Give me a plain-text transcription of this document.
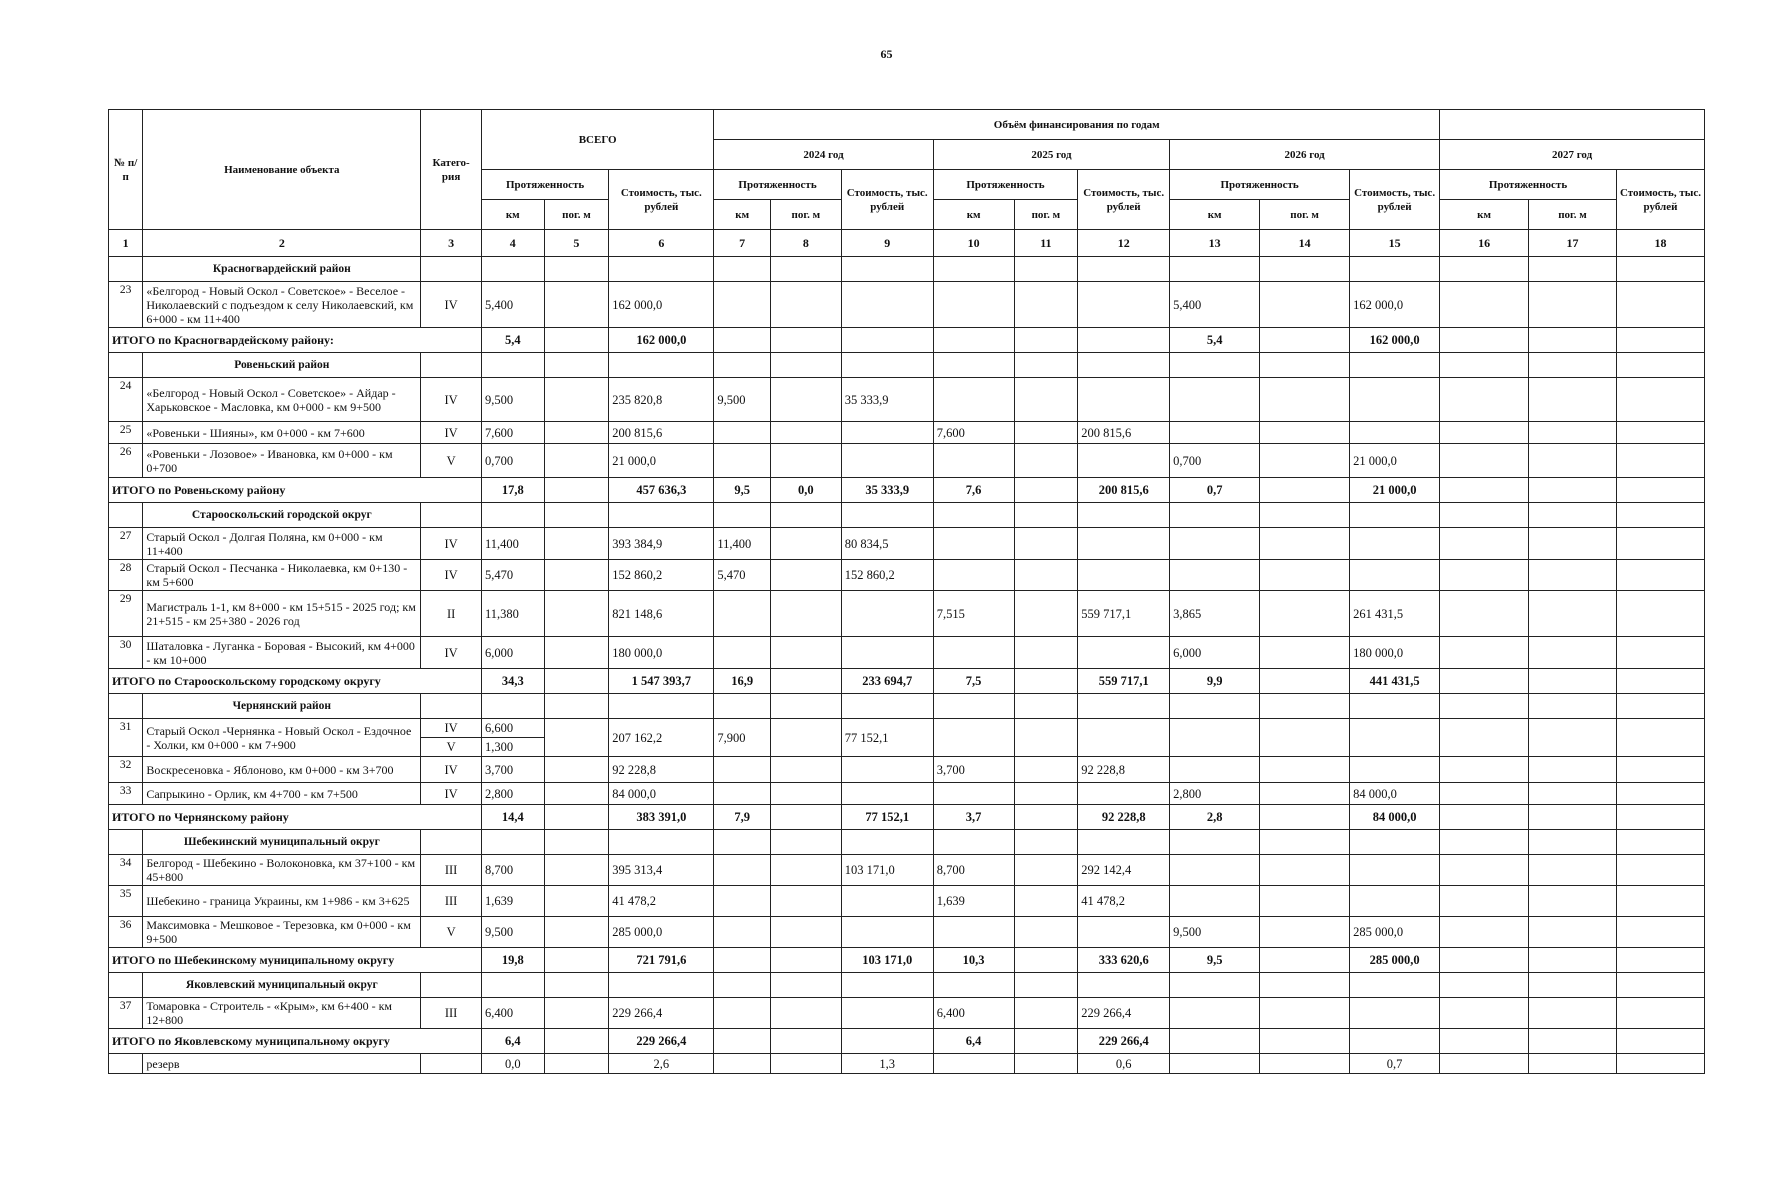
65
№ п/п	Наименование объекта	Катего-рия	ВСЕГО			Объём финансирования по годам											
						2024 год			2025 год			2026 год			2027 год		
			Протяженность		Стоимость, тыс. рублей	Протяженность		Стоимость, тыс. рублей	Протяженность		Стоимость, тыс. рублей	Протяженность		Стоимость, тыс. рублей	Протяженность		Стоимость, тыс. рублей
			км	пог. м		км	пог. м		км	пог. м		км	пог. м		км	пог. м	
1	2	3	4	5	6	7	8	9	10	11	12	13	14	15	16	17	18
	Красногвардейский район																
23	«Белгород - Новый Оскол - Советское» - Веселое - Николаевский с подъездом к селу Николаевский, км 6+000 - км 11+400	IV	5,400		162 000,0							5,400		162 000,0			
ИТОГО по Красногвардейскому району:			5,4		162 000,0							5,4		162 000,0			
	Ровеньский район																
24	«Белгород - Новый Оскол - Советское» - Айдар - Харьковское - Масловка, км 0+000 - км 9+500	IV	9,500		235 820,8	9,500		35 333,9									
25	«Ровеньки - Шияны», км 0+000 - км 7+600	IV	7,600		200 815,6				7,600		200 815,6						
26	«Ровеньки - Лозовое» - Ивановка, км 0+000 - км 0+700	V	0,700		21 000,0							0,700		21 000,0			
ИТОГО по Ровеньскому району			17,8		457 636,3	9,5	0,0	35 333,9	7,6		200 815,6	0,7		21 000,0			
	Старооскольский городской округ																
27	Старый Оскол - Долгая Поляна, км 0+000 - км 11+400	IV	11,400		393 384,9	11,400		80 834,5									
28	Старый Оскол - Песчанка - Николаевка, км 0+130 - км 5+600	IV	5,470		152 860,2	5,470		152 860,2									
29	Магистраль 1-1, км 8+000 - км 15+515 - 2025 год; км 21+515 - км 25+380 - 2026 год	II	11,380		821 148,6				7,515		559 717,1	3,865		261 431,5			
30	Шаталовка - Луганка - Боровая - Высокий, км 4+000 - км 10+000	IV	6,000		180 000,0							6,000		180 000,0			
ИТОГО по Старооскольскому городскому округу			34,3		1 547 393,7	16,9		233 694,7	7,5		559 717,1	9,9		441 431,5			
	Чернянский район																
31	Старый Оскол -Чернянка - Новый Оскол - Ездочное - Холки, км 0+000 - км 7+900	IV	6,600		207 162,2	7,900		77 152,1									
		V	1,300														
32	Воскресеновка - Яблоново, км 0+000 - км 3+700	IV	3,700		92 228,8				3,700		92 228,8						
33	Сапрыкино - Орлик, км 4+700 - км 7+500	IV	2,800		84 000,0							2,800		84 000,0			
ИТОГО по Чернянскому району			14,4		383 391,0	7,9		77 152,1	3,7		92 228,8	2,8		84 000,0			
	Шебекинский муниципальный округ																
34	Белгород - Шебекино - Волоконовка, км 37+100 - км 45+800	III	8,700		395 313,4			103 171,0	8,700		292 142,4						
35	Шебекино - граница Украины, км 1+986 - км 3+625	III	1,639		41 478,2				1,639		41 478,2						
36	Максимовка - Мешковое - Терезовка, км 0+000 - км 9+500	V	9,500		285 000,0							9,500		285 000,0			
ИТОГО по Шебекинскому муниципальному округу			19,8		721 791,6			103 171,0	10,3		333 620,6	9,5		285 000,0			
	Яковлевский муниципальный округ																
37	Томаровка - Строитель - «Крым», км 6+400 - км 12+800	III	6,400		229 266,4				6,400		229 266,4						
ИТОГО по Яковлевскому муниципальному округу			6,4		229 266,4				6,4		229 266,4						
	резерв		0,0		2,6			1,3			0,6			0,7			
